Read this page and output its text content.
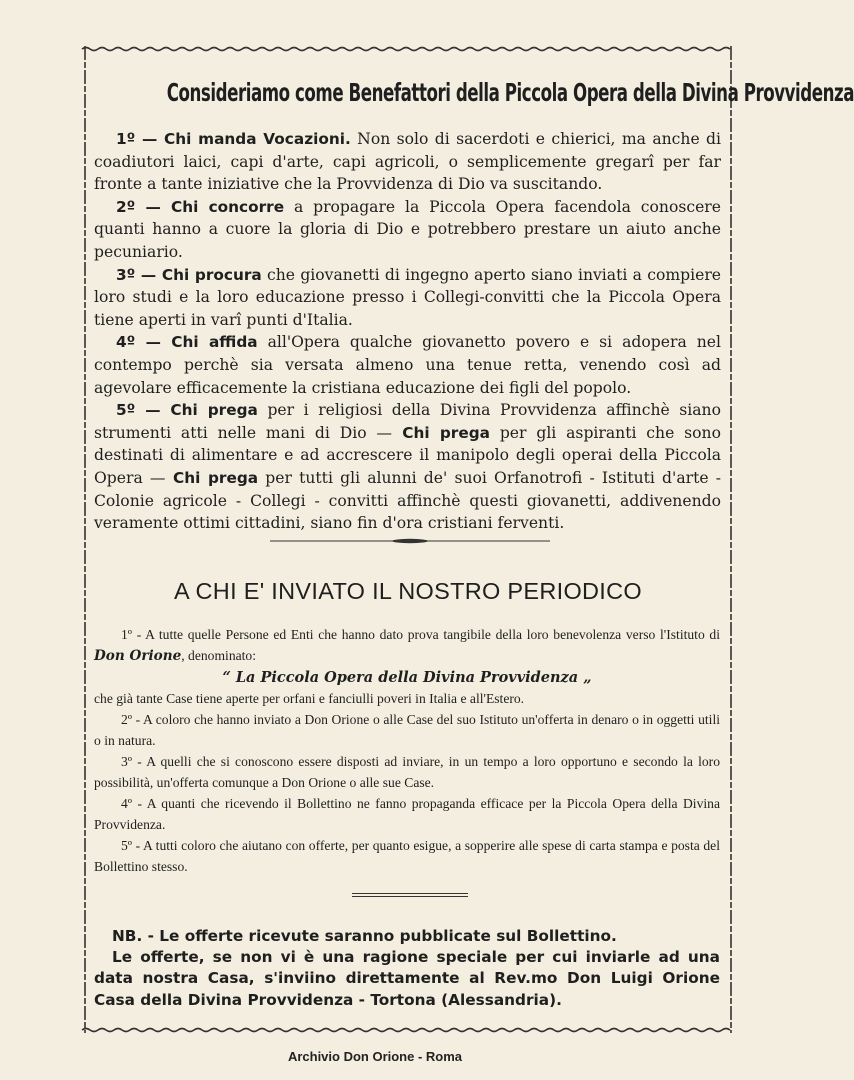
Consideriamo come Benefattori della Piccola Opera della Divina Provvidenza

1º — Chi manda Vocazioni. Non solo di sacerdoti e chierici, ma anche di coadiutori laici, capi d'arte, capi agricoli, o semplicemente gregarî per far fronte a tante iniziative che la Provvidenza di Dio va suscitando.

2º — Chi concorre a propagare la Piccola Opera facendola conoscere quanti hanno a cuore la gloria di Dio e potrebbero prestare un aiuto anche pecuniario.

3º — Chi procura che giovanetti di ingegno aperto siano inviati a compiere loro studi e la loro educazione presso i Collegi-convitti che la Piccola Opera tiene aperti in varî punti d'Italia.

4º — Chi affida all'Opera qualche giovanetto povero e si adopera nel contempo perchè sia versata almeno una tenue retta, venendo così ad agevolare efficacemente la cristiana educazione dei figli del popolo.

5º — Chi prega per i religiosi della Divina Provvidenza affinchè siano strumenti atti nelle mani di Dio — Chi prega per gli aspiranti che sono destinati di alimentare e ad accrescere il manipolo degli operai della Piccola Opera — Chi prega per tutti gli alunni de' suoi Orfanotrofi - Istituti d'arte - Colonie agricole - Collegi - convitti affinchè questi giovanetti, addivenendo veramente ottimi cittadini, siano fin d'ora cristiani ferventi.

A CHI E' INVIATO IL NOSTRO PERIODICO

1º - A tutte quelle Persone ed Enti che hanno dato prova tangibile della loro benevolenza verso l'Istituto di Don Orione, denominato:

“ La Piccola Opera della Divina Provvidenza „

che già tante Case tiene aperte per orfani e fanciulli poveri in Italia e all'Estero.

2º - A coloro che hanno inviato a Don Orione o alle Case del suo Istituto un'offerta in denaro o in oggetti utili o in natura.

3º - A quelli che si conoscono essere disposti ad inviare, in un tempo a loro opportuno e secondo la loro possibilità, un'offerta comunque a Don Orione o alle sue Case.

4º - A quanti che ricevendo il Bollettino ne fanno propaganda efficace per la Piccola Opera della Divina Provvidenza.

5º - A tutti coloro che aiutano con offerte, per quanto esigue, a sopperire alle spese di carta stampa e posta del Bollettino stesso.

NB. - Le offerte ricevute saranno pubblicate sul Bollettino.

Le offerte, se non vi è una ragione speciale per cui inviarle ad una data nostra Casa, s'inviino direttamente al Rev.mo Don Luigi Orione Casa della Divina Provvidenza - Tortona (Alessandria).

Archivio Don Orione - Roma
